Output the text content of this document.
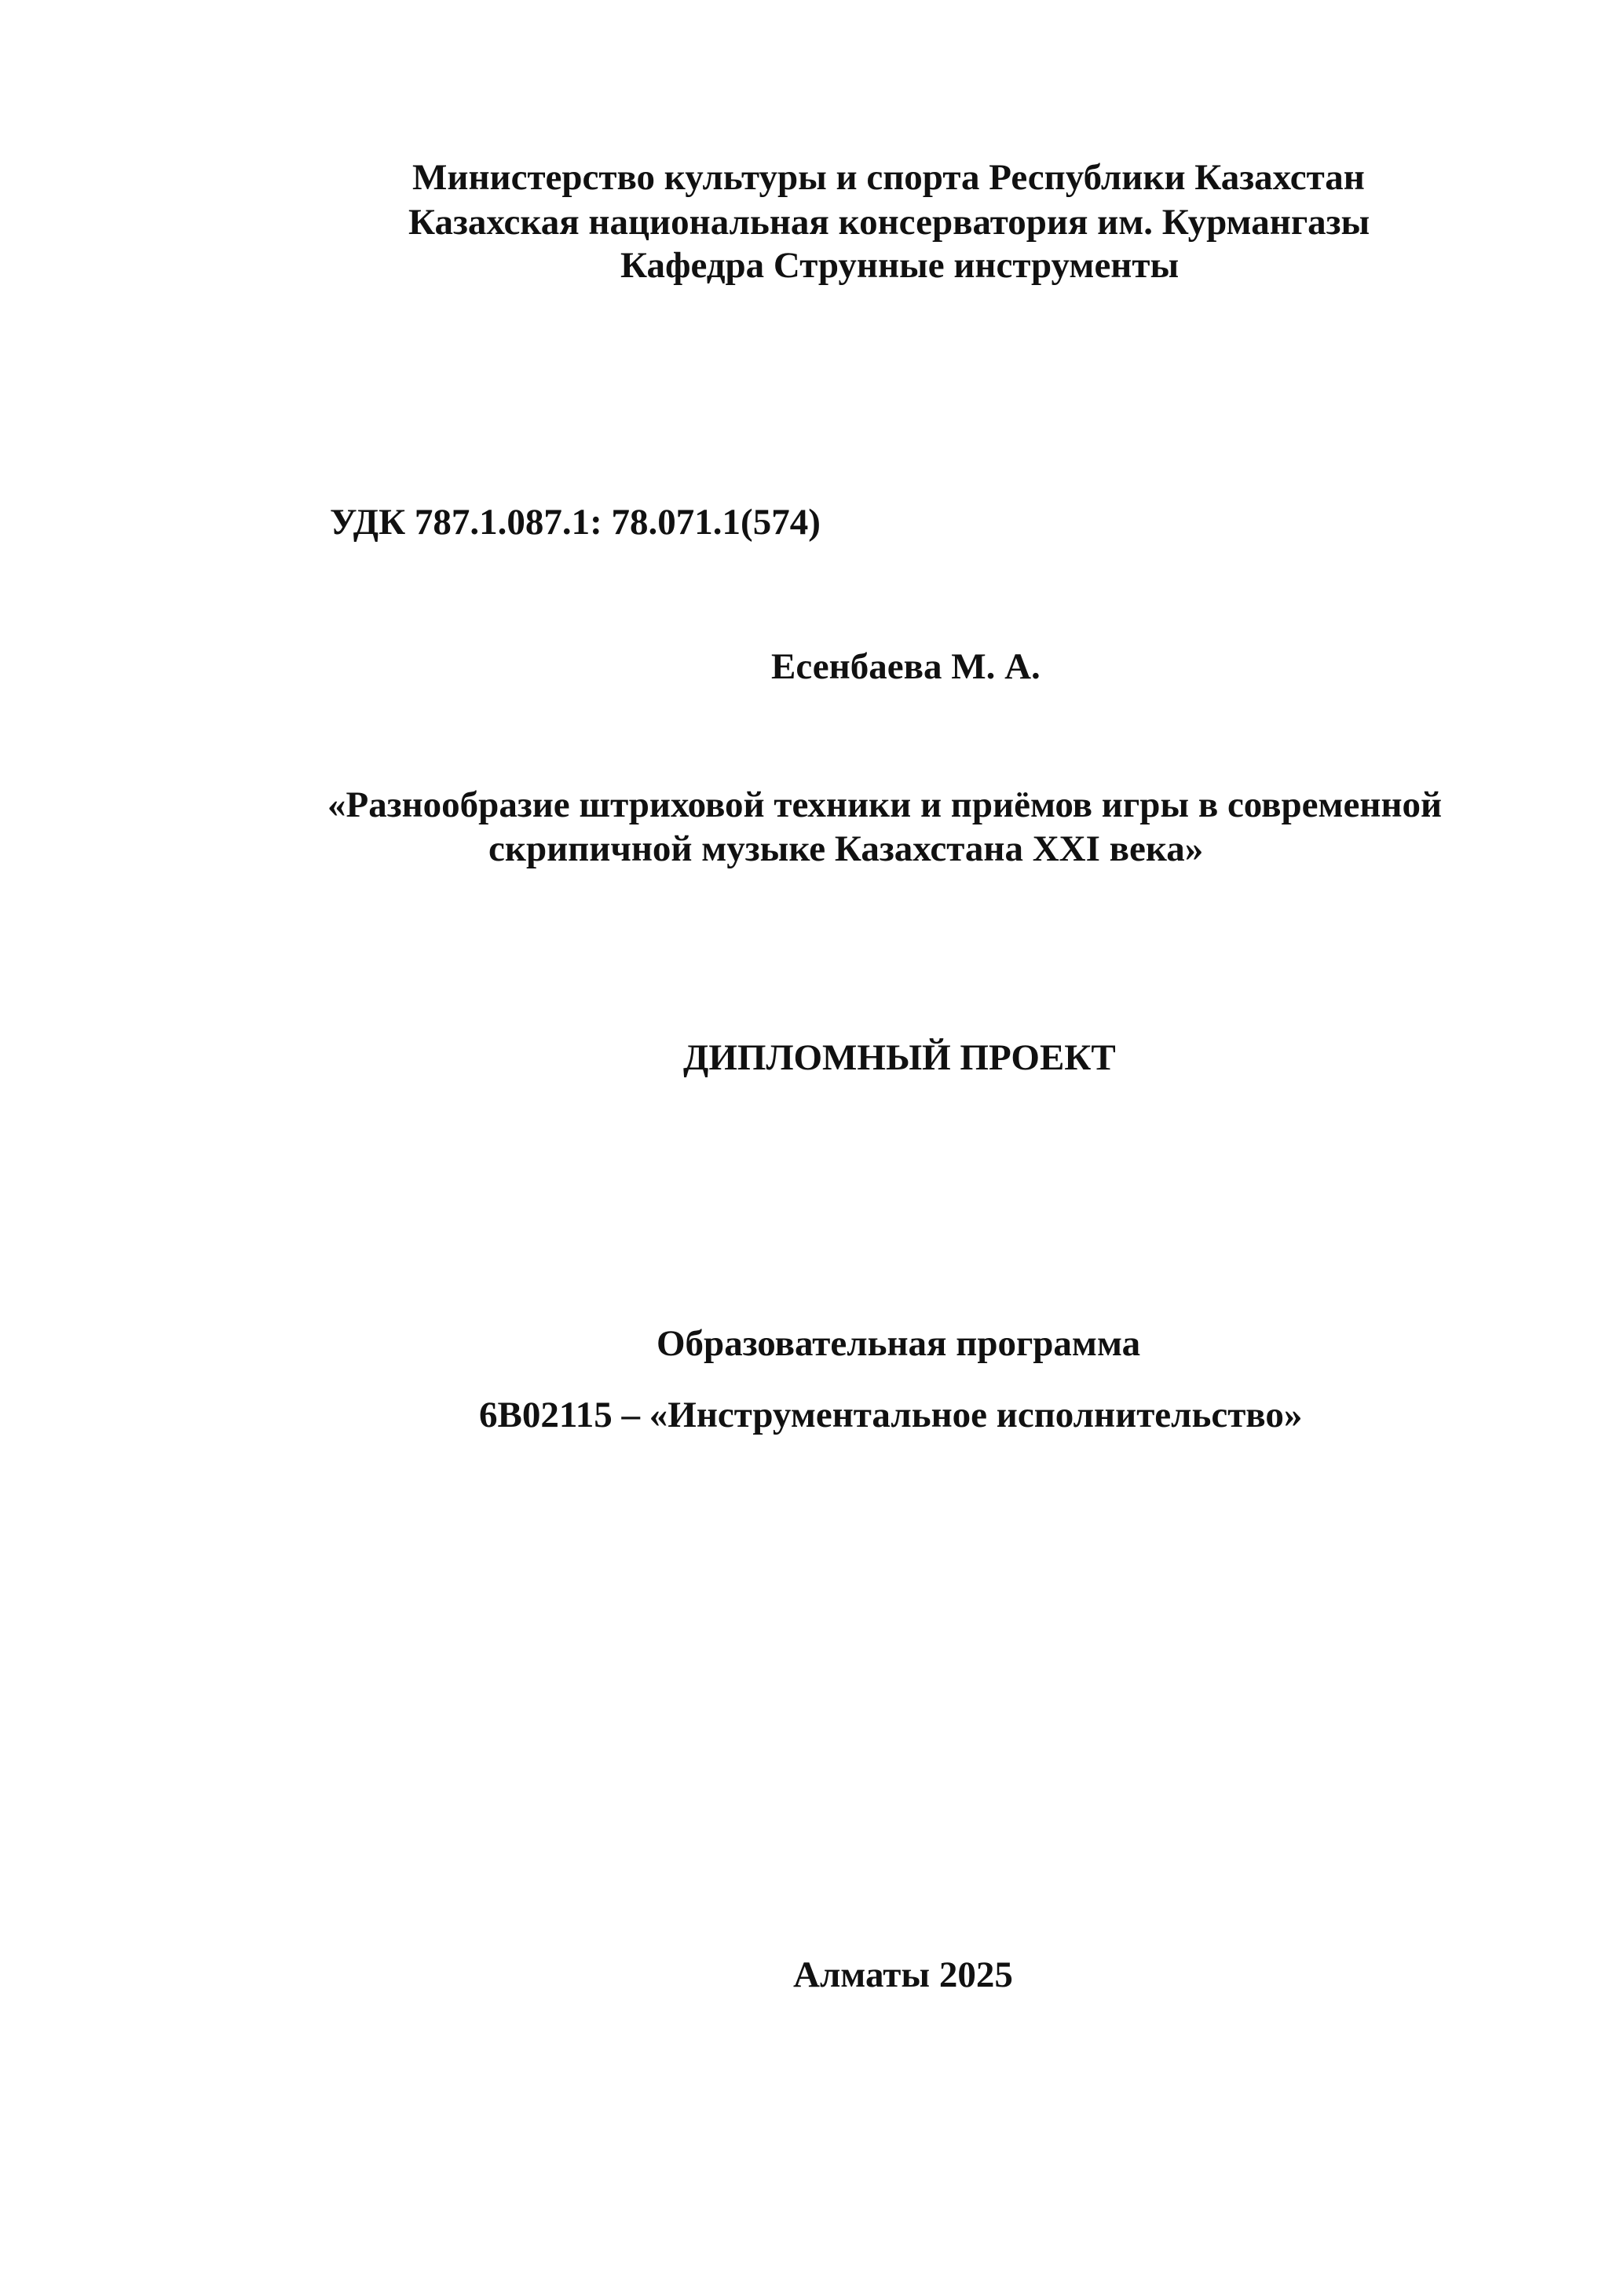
Министерство культуры и спорта Республики Казахстан
Казахская национальная консерватория им. Курмангазы
Кафедра Струнные инструменты
УДК 787.1.087.1: 78.071.1(574)
Есенбаева М. А.
«Разнообразие штриховой техники и приёмов игры в современной
скрипичной музыке Казахстана XXI века»
ДИПЛОМНЫЙ ПРОЕКТ
Образовательная программа
6В02115 – «Инструментальное исполнительство»
Алматы 2025
